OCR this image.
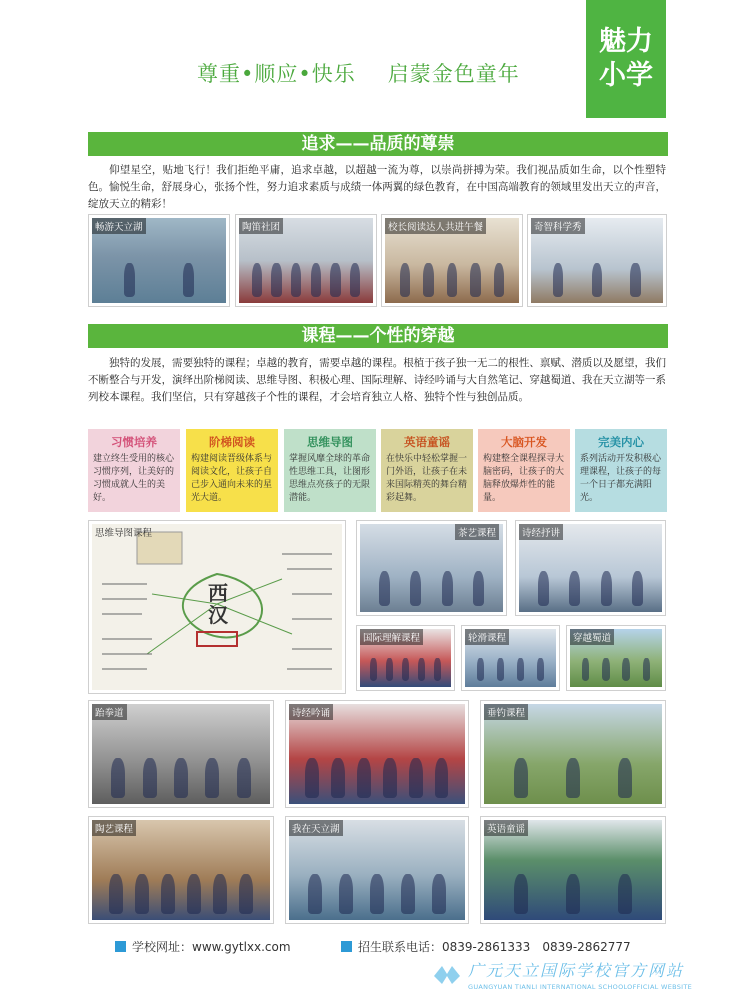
魅力
小学
尊重•顺应•快乐 启蒙金色童年
追求——品质的尊崇
仰望星空，贴地飞行！我们拒绝平庸，追求卓越，以超越一流为尊，以崇尚拼搏为荣。我们视品质如生命，以个性塑特色。愉悦生命，舒展身心，张扬个性，努力追求素质与成绩一体两翼的绿色教育，在中国高端教育的领域里发出天立的声音，绽放天立的精彩！
畅游天立湖	陶笛社团	校长阅读达人共进午餐	奇智科学秀
课程——个性的穿越
独特的发展，需要独特的课程；卓越的教育，需要卓越的课程。根植于孩子独一无二的根性、禀赋、潜质以及愿望，我们不断整合与开发，演绎出阶梯阅读、思维导图、积极心理、国际理解、诗经吟诵与大自然笔记、穿越蜀道、我在天立湖等一系列校本课程。我们坚信，只有穿越孩子个性的课程，才会培育独立人格、独特个性与独创品质。
习惯培养
建立终生受用的核心习惯序列，让美好的习惯成就人生的美好。
阶梯阅读
构建阅读晋级体系与阅读文化，让孩子自己步入通向未来的星光大道。
思维导图
掌握风靡全球的革命性思维工具，让图形思维点亮孩子的无限潜能。
英语童谣
在快乐中轻松掌握一门外语，让孩子在未来国际精英的舞台精彩起舞。
大脑开发
构建整全课程探寻大脑密码，让孩子的大脑释放爆炸性的能量。
完美内心
系列活动开发积极心理课程，让孩子的每一个日子都充满阳光。
西汉
思维导图课程	茶艺课程	诗经抒讲
国际理解课程	轮滑课程	穿越蜀道
跆拳道	诗经吟诵	垂钓课程
陶艺课程	我在天立湖	英语童谣
学校网址：www.gytlxx.com	招生联系电话：0839-2861333　0839-2862777
广元天立国际学校官方网站
GUANGYUAN TIANLI INTERNATIONAL SCHOOLOFFICIAL WEBSITE
